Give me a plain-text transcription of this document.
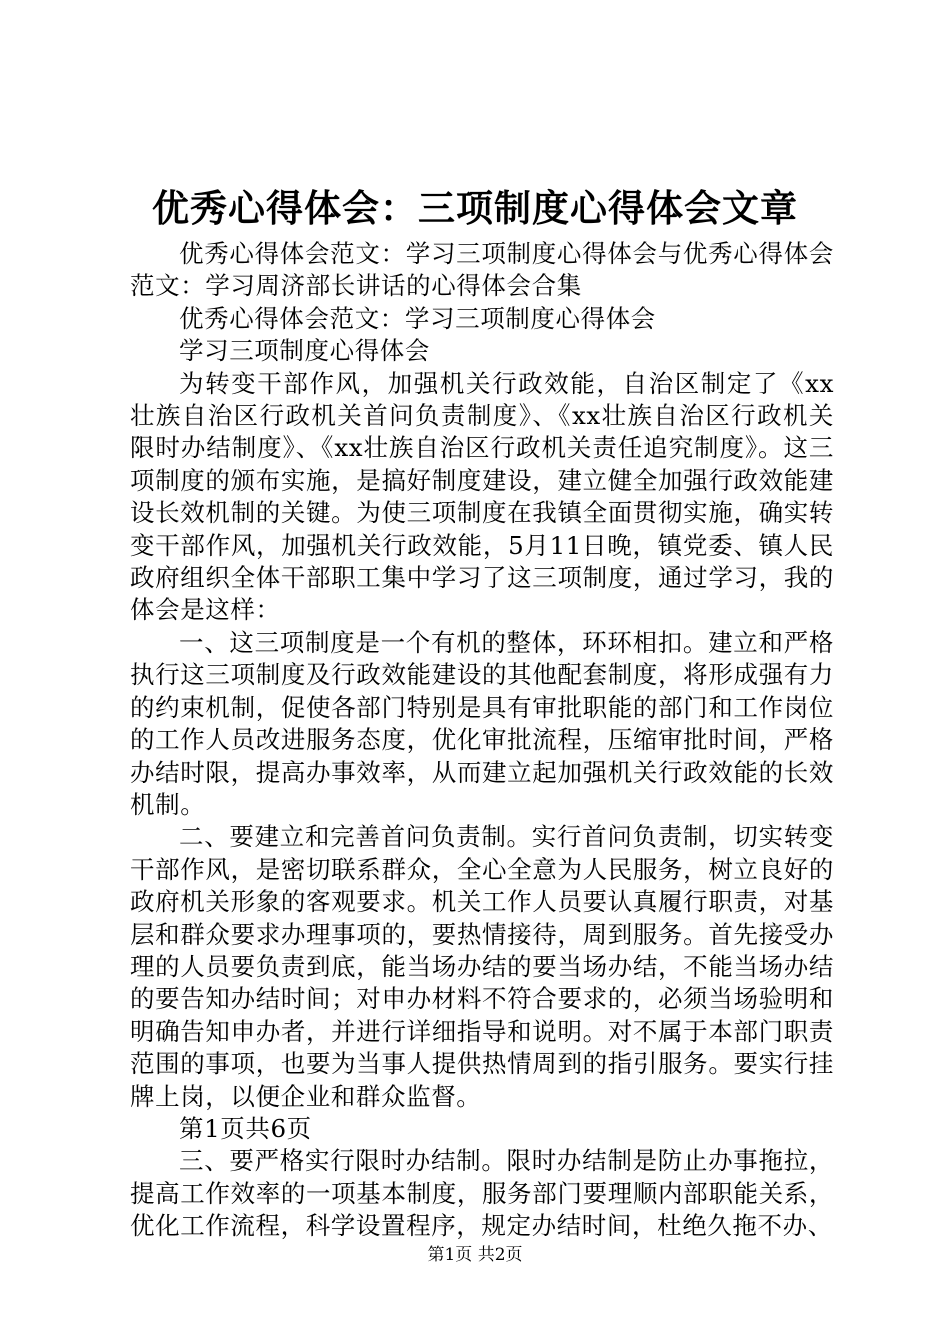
优秀心得体会：三项制度心得体会文章

优秀心得体会范文：学习三项制度心得体会与优秀心得体会范文：学习周济部长讲话的心得体会合集

优秀心得体会范文：学习三项制度心得体会

学习三项制度心得体会

为转变干部作风，加强机关行政效能，自治区制定了《xx壮族自治区行政机关首问负责制度》、《xx壮族自治区行政机关限时办结制度》、《xx壮族自治区行政机关责任追究制度》。这三项制度的颁布实施，是搞好制度建设，建立健全加强行政效能建设长效机制的关键。为使三项制度在我镇全面贯彻实施，确实转变干部作风，加强机关行政效能，5月11日晚，镇党委、镇人民政府组织全体干部职工集中学习了这三项制度，通过学习，我的体会是这样：

一、这三项制度是一个有机的整体，环环相扣。建立和严格执行这三项制度及行政效能建设的其他配套制度，将形成强有力的约束机制，促使各部门特别是具有审批职能的部门和工作岗位的工作人员改进服务态度，优化审批流程，压缩审批时间，严格办结时限，提高办事效率，从而建立起加强机关行政效能的长效机制。

二、要建立和完善首问负责制。实行首问负责制，切实转变干部作风，是密切联系群众，全心全意为人民服务，树立良好的政府机关形象的客观要求。机关工作人员要认真履行职责，对基层和群众要求办理事项的，要热情接待，周到服务。首先接受办理的人员要负责到底，能当场办结的要当场办结，不能当场办结的要告知办结时间；对申办材料不符合要求的，必须当场验明和明确告知申办者，并进行详细指导和说明。对不属于本部门职责范围的事项，也要为当事人提供热情周到的指引服务。要实行挂牌上岗，以便企业和群众监督。

第1页共6页

三、要严格实行限时办结制。限时办结制是防止办事拖拉，提高工作效率的一项基本制度，服务部门要理顺内部职能关系，优化工作流程，科学设置程序，规定办结时间，杜绝久拖不办、

第1页 共2页
